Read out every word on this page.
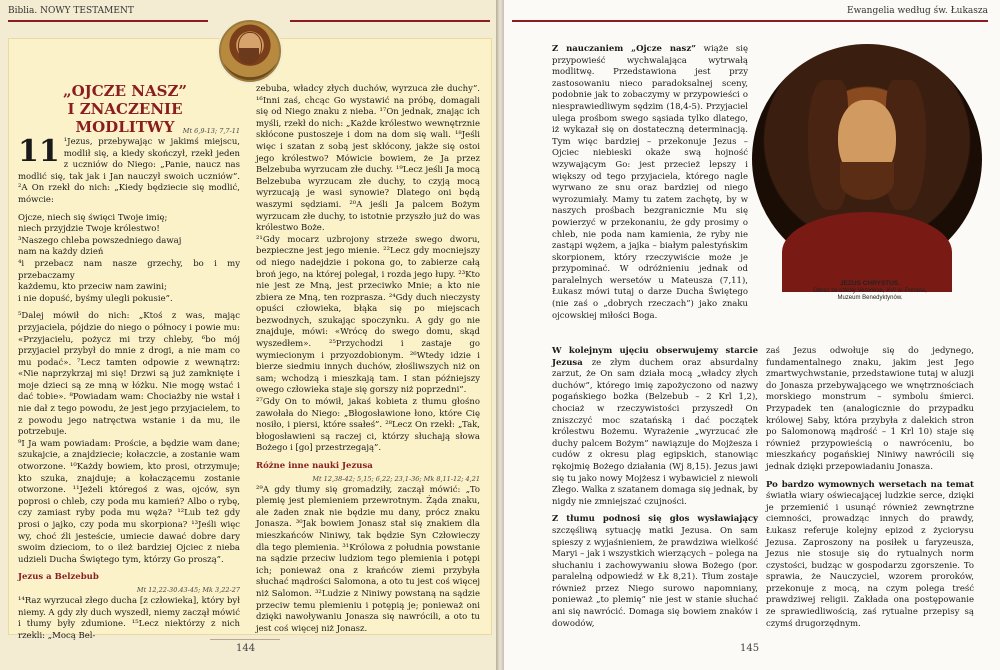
Biblia. NOWY TESTAMENT
„OJCZE NASZ”
I ZNACZENIE MODLITWY	Mt 6,9-13; 7,7-11

11 ¹Jezus, przebywając w jakimś miejscu, modlił się, a kiedy skończył, rzekł jeden z uczniów do Niego: „Panie, naucz nas modlić się, tak jak i Jan nauczył swoich uczniów”. ²A On rzekł do nich: „Kiedy będziecie się modlić, mówcie:

Ojcze, niech się święci Twoje imię;
niech przyjdzie Twoje królestwo!
³Naszego chleba powszedniego dawaj
nam na każdy dzień
⁴i przebacz nam nasze grzechy, bo i my przebaczamy
każdemu, kto przeciw nam zawini;
i nie dopuść, byśmy ulegli pokusie”.

⁵Dalej mówił do nich: „Ktoś z was, mając przyjaciela, pójdzie do niego o północy i powie mu: «Przyjacielu, pożycz mi trzy chleby, ⁶bo mój przyjaciel przybył do mnie z drogi, a nie mam co mu podać». ⁷Lecz tamten odpowie z wewnątrz: «Nie naprzykrzaj mi się! Drzwi są już zamknięte i moje dzieci są ze mną w łóżku. Nie mogę wstać i dać tobie». ⁸Powiadam wam: Chociażby nie wstał i nie dał z tego powodu, że jest jego przyjacielem, to z powodu jego natręctwa wstanie i da mu, ile potrzebuje.

⁹I Ja wam powiadam: Proście, a będzie wam dane; szukajcie, a znajdziecie; kołaczcie, a zostanie wam otworzone. ¹⁰Każdy bowiem, kto prosi, otrzymuje; kto szuka, znajduje; a kołaczącemu zostanie otworzone. ¹¹Jeżeli któregoś z was, ojców, syn poprosi o chleb, czy poda mu kamień? Albo o rybę, czy zamiast ryby poda mu węża? ¹²Lub też gdy prosi o jajko, czy poda mu skorpiona? ¹³Jeśli więc wy, choć źli jesteście, umiecie dawać dobre dary swoim dzieciom, to o ileż bardziej Ojciec z nieba udzieli Ducha Świętego tym, którzy Go proszą”.

Jezus a Belzebub
Mt 12,22-30.43-45; Mk 3,22-27

¹⁴Raz wyrzucał złego ducha [z człowieka], który był niemy. A gdy zły duch wyszedł, niemy zaczął mówić i tłumy były zdumione. ¹⁵Lecz niektórzy z nich rzekli: „Mocą Bel-

zebuba, władcy złych duchów, wyrzuca złe duchy”. ¹⁶Inni zaś, chcąc Go wystawić na próbę, domagali się od Niego znaku z nieba. ¹⁷On jednak, znając ich myśli, rzekł do nich: „Każde królestwo wewnętrznie skłócone pustoszeje i dom na dom się wali. ¹⁸Jeśli więc i szatan z sobą jest skłócony, jakże się ostoi jego królestwo? Mówicie bowiem, że Ja przez Belzebuba wyrzucam złe duchy. ¹⁹Lecz jeśli Ja mocą Belzebuba wyrzucam złe duchy, to czyją mocą wyrzucają je wasi synowie? Dlatego oni będą waszymi sędziami. ²⁰A jeśli Ja palcem Bożym wyrzucam złe duchy, to istotnie przyszło już do was królestwo Boże.

²¹Gdy mocarz uzbrojony strzeże swego dworu, bezpieczne jest jego mienie. ²²Lecz gdy mocniejszy od niego nadejdzie i pokona go, to zabierze całą broń jego, na której polegał, i rozda jego łupy. ²³Kto nie jest ze Mną, jest przeciwko Mnie; a kto nie zbiera ze Mną, ten rozprasza. ²⁴Gdy duch nieczysty opuści człowieka, błąka się po miejscach bezwodnych, szukając spoczynku. A gdy go nie znajduje, mówi: «Wrócę do swego domu, skąd wyszedłem». ²⁵Przychodzi i zastaje go wymiecionym i przyozdobionym. ²⁶Wtedy idzie i bierze siedmiu innych duchów, złośliwszych niż on sam; wchodzą i mieszkają tam. I stan późniejszy owego człowieka staje się gorszy niż poprzedni”.

²⁷Gdy On to mówił, jakaś kobieta z tłumu głośno zawołała do Niego: „Błogosławione łono, które Cię nosiło, i piersi, które ssałeś”. ²⁸Lecz On rzekł: „Tak, błogosławieni są raczej ci, którzy słuchają słowa Bożego i [go] przestrzegają”.

Różne inne nauki Jezusa
Mt 12,38-42; 5,15; 6,22; 23,1-36; Mk 8,11-12; 4,21

²⁹A gdy tłumy się gromadziły, zaczął mówić: „To plemię jest plemieniem przewrotnym. Żąda znaku, ale żaden znak nie będzie mu dany, prócz znaku Jonasza. ³⁰Jak bowiem Jonasz stał się znakiem dla mieszkańców Niniwy, tak będzie Syn Człowieczy dla tego plemienia. ³¹Królowa z południa powstanie na sądzie przeciw ludziom tego plemienia i potępi ich; ponieważ ona z krańców ziemi przybyła słuchać mądrości Salomona, a oto tu jest coś więcej niż Salomon. ³²Ludzie z Niniwy powstaną na sądzie przeciw temu plemieniu i potępią je; ponieważ oni dzięki nawoływaniu Jonasza się nawrócili, a oto tu jest coś więcej niż Jonasz.

144
Ewangelia według św. Łukasza

Z nauczaniem „Ojcze nasz” wiąże się przypowieść wychwalająca wytrwałą modlitwę. Przedstawiona jest przy zastosowaniu nieco paradoksalnej sceny, podobnie jak to zobaczymy w przypowieści o niesprawiedliwym sędzim (18,4-5). Przyjaciel ulega prośbom swego sąsiada tylko dlatego, iż wykazał się on dostateczną determinacją. Tym więc bardziej – przekonuje Jezus – Ojciec niebieski okaże swą hojność wzywającym Go: jest przecież lepszy i większy od tego przyjaciela, którego nagle wyrwano ze snu oraz bardziej od niego wyrozumiały. Mamy tu zatem zachętę, by w naszych prośbach bezgranicznie Mu się powierzyć w przekonaniu, że gdy prosimy o chleb, nie poda nam kamienia, że ryby nie zastąpi wężem, a jajka – białym palestyńskim skorpionem, który rzeczywiście może je przypominać. W odróżnieniu jednak od paralelnych wersetów u Mateusza (7,11), Łukasz mówi tutaj o darze Ducha Świętego (nie zaś o „dobrych rzeczach”) jako znaku ojcowskiej miłości Boga.

JEZUS CHRYSTUS.
Obraz ze szkoły Veronese, XVI w. Pontida,
Muzeum Benedyktynów.

W kolejnym ujęciu obserwujemy starcie Jezusa ze złym duchem oraz absurdalny zarzut, że On sam działa mocą „władcy złych duchów”, którego imię zapożyczono od nazwy pogańskiego bożka (Belzebub – 2 Krl 1,2), chociaż w rzeczywistości przyszedł On zniszczyć moc szatańską i dać początek królestwu Bożemu. Wyrażenie „wyrzucać złe duchy palcem Bożym” nawiązuje do Mojżesza i cudów z okresu plag egipskich, stanowiąc rękojmię Bożego działania (Wj 8,15). Jezus jawi się tu jako nowy Mojżesz i wybawiciel z niewoli Złego. Walka z szatanem domaga się jednak, by nigdy nie zmniejszać czujności.

Z tłumu podnosi się głos wysławiający szczęśliwą sytuację matki Jezusa. On sam spieszy z wyjaśnieniem, że prawdziwa wielkość Maryi – jak i wszystkich wierzących – polega na słuchaniu i zachowywaniu słowa Bożego (por. paralelną odpowiedź w Łk 8,21). Tłum zostaje również przez Niego surowo napomniany, ponieważ „to plemię” nie jest w stanie słuchać ani się nawrócić. Domaga się bowiem znaków i dowodów,

zaś Jezus odwołuje się do jedynego, fundamentalnego znaku, jakim jest Jego zmartwychwstanie, przedstawione tutaj w aluzji do Jonasza przebywającego we wnętrznościach morskiego monstrum – symbolu śmierci. Przypadek ten (analogicznie do przypadku królowej Saby, która przybyła z dalekich stron po Salomonową mądrość – 1 Krl 10) staje się również przypowieścią o nawróceniu, bo mieszkańcy pogańskiej Niniwy nawrócili się jednak dzięki przepowiadaniu Jonasza.

Po bardzo wymownych wersetach na temat światła wiary oświecającej ludzkie serce, dzięki je przemienić i usunąć również zewnętrzne ciemności, prowadząc innych do prawdy, Łukasz referuje kolejny epizod z życiorysu Jezusa. Zaproszony na posiłek u faryzeusza, Jezus nie stosuje się do rytualnych norm czystości, budząc w gospodarzu zgorszenie. To sprawia, że Nauczyciel, wzorem proroków, przekonuje z mocą, na czym polega treść prawdziwej religii. Zakłada ona postępowanie ze sprawiedliwością, zaś rytualne przepisy są czymś drugorzędnym.

145
